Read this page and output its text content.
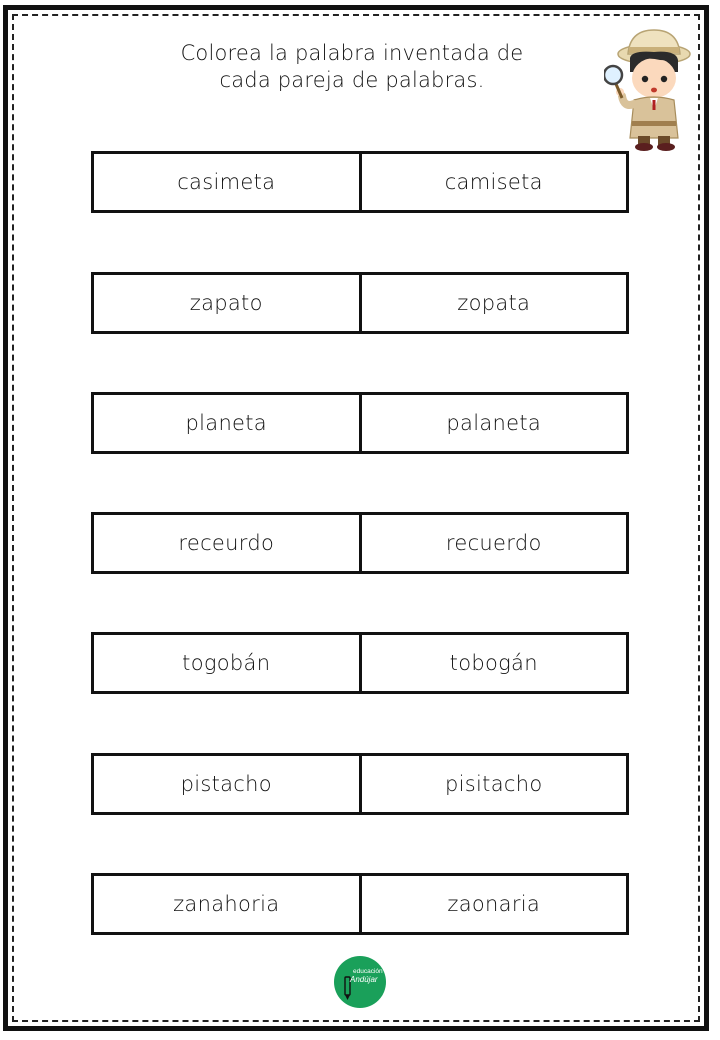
Colorea la palabra inventada de
cada pareja de palabras.
casimeta	camiseta
zapato	zopata
planeta	palaneta
receurdo	recuerdo
togobán	tobogán
pistacho	pisitacho
zanahoria	zaonaria
educación
Andújar
